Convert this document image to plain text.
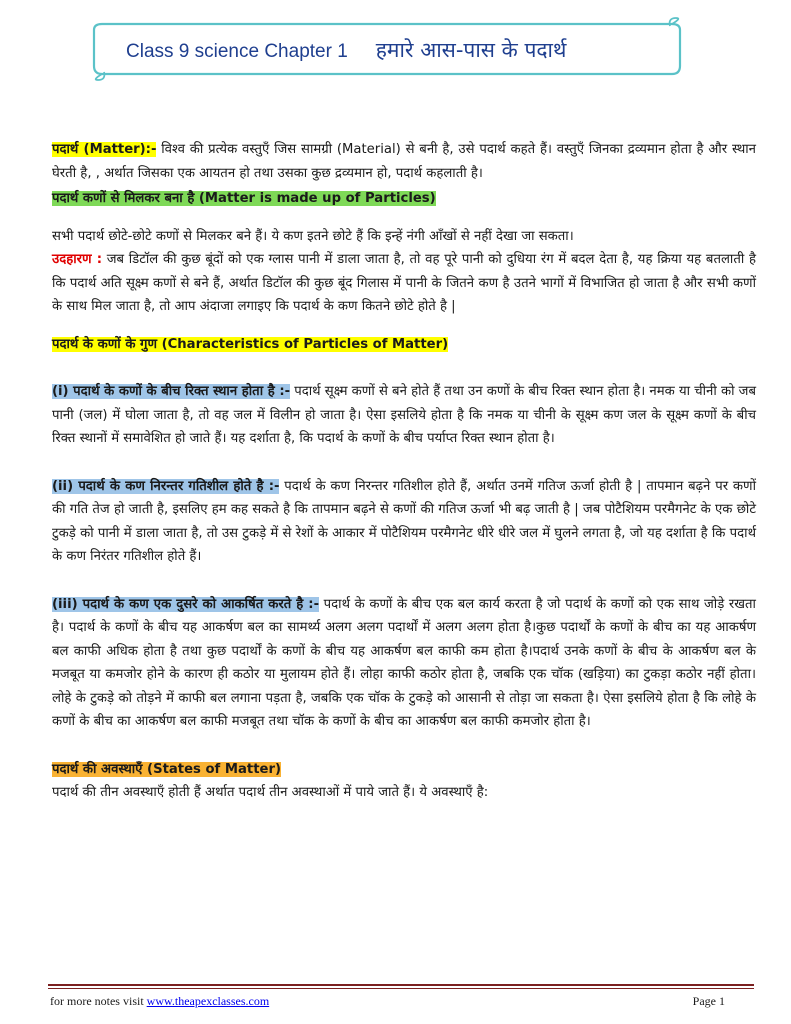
Class 9 science Chapter 1 हमारे आस-पास के पदार्थ

पदार्थ (Matter):- विश्व की प्रत्येक वस्तुएँ जिस सामग्री (Material) से बनी है, उसे पदार्थ कहते हैं। वस्तुएँ जिनका द्रव्यमान होता है और स्थान घेरती है, , अर्थात जिसका एक आयतन हो तथा उसका कुछ द्रव्यमान हो, पदार्थ कहलाती है।

पदार्थ कणों से मिलकर बना है (Matter is made up of Particles)

सभी पदार्थ छोटे-छोटे कणों से मिलकर बने हैं। ये कण इतने छोटे हैं कि इन्हें नंगी आँखों से नहीं देखा जा सकता।

उदहारण : जब डिटॉल की कुछ बूंदों को एक ग्लास पानी में डाला जाता है, तो वह पूरे पानी को दुधिया रंग में बदल देता है, यह क्रिया यह बतलाती है कि पदार्थ अति सूक्ष्म कणों से बने हैं, अर्थात डिटॉल की कुछ बूंद गिलास में पानी के जितने कण है उतने भागों में विभाजित हो जाता है और सभी कणों के साथ मिल जाता है, तो आप अंदाजा लगाइए कि पदार्थ के कण कितने छोटे होते है |

पदार्थ के कणों के गुण (Characteristics of Particles of Matter)

(i) पदार्थ के कणों के बीच रिक्त स्थान होता है :- पदार्थ सूक्ष्म कणों से बने होते हैं तथा उन कणों के बीच रिक्त स्थान होता है। नमक या चीनी को जब पानी (जल) में घोला जाता है, तो वह जल में विलीन हो जाता है। ऐसा इसलिये होता है कि नमक या चीनी के सूक्ष्म कण जल के सूक्ष्म कणों के बीच रिक्त स्थानों में समावेशित हो जाते हैं। यह दर्शाता है, कि पदार्थ के कणों के बीच पर्याप्त रिक्त स्थान होता है।

(ii) पदार्थ के कण निरन्तर गतिशील होते है :- पदार्थ के कण निरन्तर गतिशील होते हैं, अर्थात उनमें गतिज ऊर्जा होती है | तापमान बढ़ने पर कणों की गति तेज हो जाती है, इसलिए हम कह सकते है कि तापमान बढ़ने से कणों की गतिज ऊर्जा भी बढ़ जाती है | जब पोटैशियम परमैगनेट के एक छोटे टुकड़े को पानी में डाला जाता है, तो उस टुकड़े में से रेशों के आकार में पोटैशियम परमैगनेट धीरे धीरे जल में घुलने लगता है, जो यह दर्शाता है कि पदार्थ के कण निरंतर गतिशील होते हैं।

(iii) पदार्थ के कण एक दुसरे को आकर्षित करते है :- पदार्थ के कणों के बीच एक बल कार्य करता है जो पदार्थ के कणों को एक साथ जोड़े रखता है। पदार्थ के कणों के बीच यह आकर्षण बल का सामर्थ्य अलग अलग पदार्थों में अलग अलग होता है।कुछ पदार्थों के कणों के बीच का यह आकर्षण बल काफी अधिक होता है तथा कुछ पदार्थों के कणों के बीच यह आकर्षण बल काफी कम होता है।पदार्थ उनके कणों के बीच के आकर्षण बल के मजबूत या कमजोर होने के कारण ही कठोर या मुलायम होते हैं। लोहा काफी कठोर होता है, जबकि एक चॉक (खड़िया) का टुकड़ा कठोर नहीं होता। लोहे के टुकड़े को तोड़ने में काफी बल लगाना पड़ता है, जबकि एक चॉक के टुकड़े को आसानी से तोड़ा जा सकता है। ऐसा इसलिये होता है कि लोहे के कणों के बीच का आकर्षण बल काफी मजबूत तथा चॉक के कणों के बीच का आकर्षण बल काफी कमजोर होता है।

पदार्थ की अवस्थाएँ (States of Matter)

पदार्थ की तीन अवस्थाएँ होती हैं अर्थात पदार्थ तीन अवस्थाओं में पाये जाते हैं। ये अवस्थाएँ है:

for more notes visit www.theapexclasses.com	Page 1
